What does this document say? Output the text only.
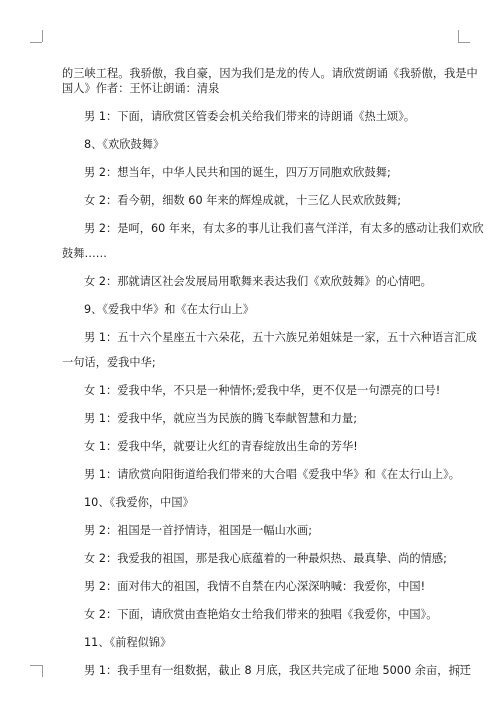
的三峡工程。我骄傲，我自豪，因为我们是龙的传人。请欣赏朗诵《我骄傲，我是中
国人》作者：王怀让朗诵：清泉
男 1：下面，请欣赏区管委会机关给我们带来的诗朗诵《热土颂》。
8、《欢欣鼓舞》
男 2：想当年，中华人民共和国的诞生，四万万同胞欢欣鼓舞;
女 2：看今朝，细数 60 年来的辉煌成就，十三亿人民欢欣鼓舞;
男 2：是呵，60 年来，有太多的事儿让我们喜气洋洋，有太多的感动让我们欢欣
鼓舞……
女 2：那就请区社会发展局用歌舞来表达我们《欢欣鼓舞》的心情吧。
9、《爱我中华》和《在太行山上》
男 1：五十六个星座五十六朵花，五十六族兄弟姐妹是一家，五十六种语言汇成
一句话，爱我中华;
女 1：爱我中华，不只是一种情怀;爱我中华，更不仅是一句漂亮的口号!
男 1：爱我中华，就应当为民族的腾飞奉献智慧和力量;
女 1：爱我中华，就要让火红的青春绽放出生命的芳华!
男 1：请欣赏向阳街道给我们带来的大合唱《爱我中华》和《在太行山上》。
10、《我爱你，中国》
男 2：祖国是一首抒情诗，祖国是一幅山水画;
女 2：我爱我的祖国，那是我心底蕴着的一种最炽热、最真挚、尚的情感;
男 2：面对伟大的祖国，我情不自禁在内心深深呐喊：我爱你，中国!
女 2：下面，请欣赏由查艳焰女士给我们带来的独唱《我爱你，中国》。
11、《前程似锦》
男 1：我手里有一组数据，截止 8 月底，我区共完成了征地 5000 余亩，拆迁
